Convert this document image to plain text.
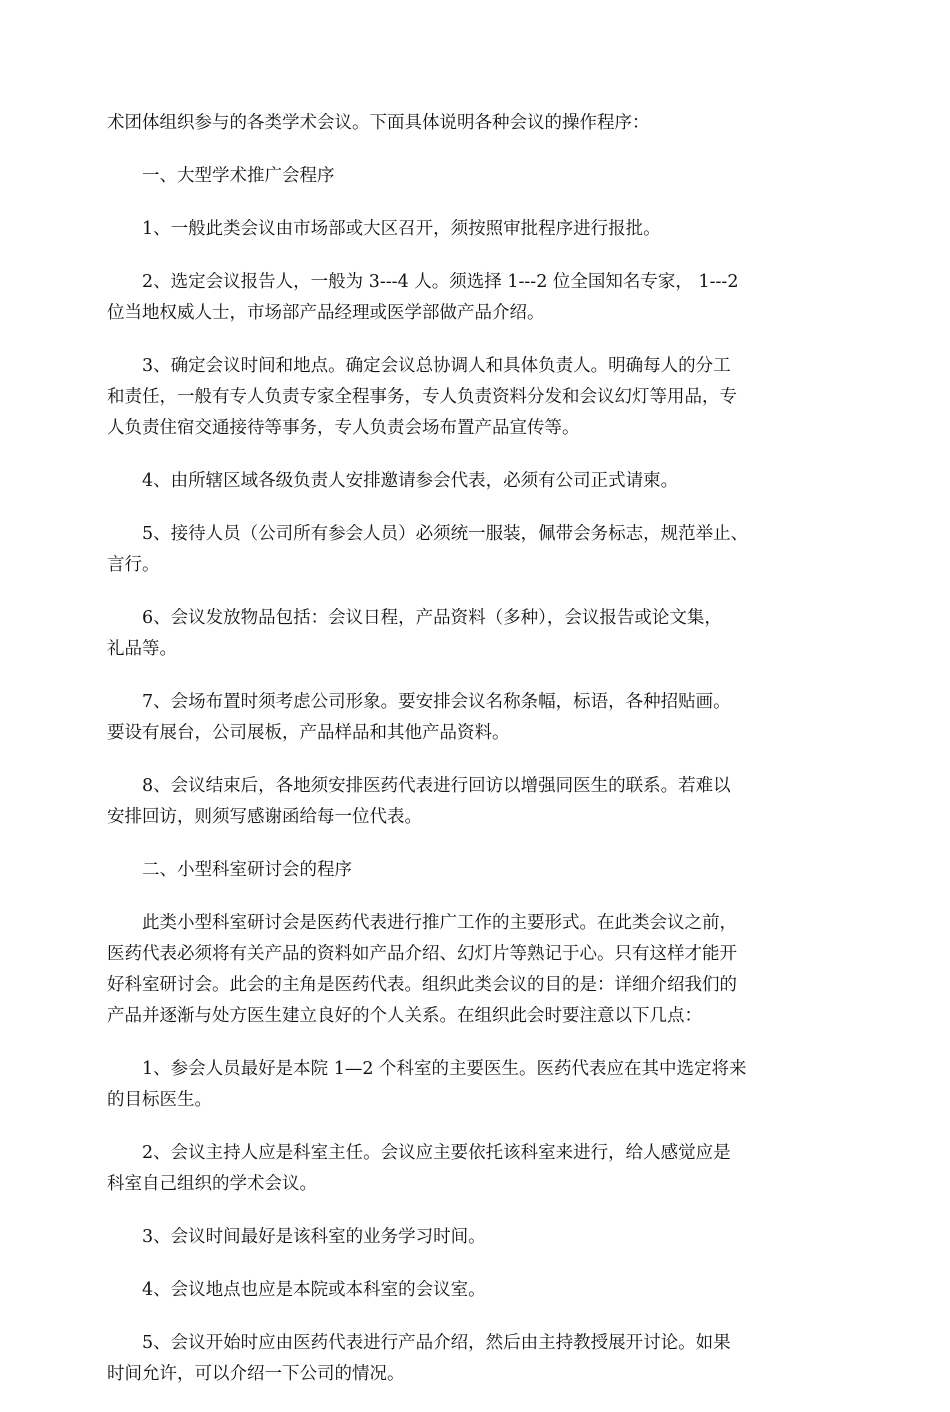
术团体组织参与的各类学术会议。下面具体说明各种会议的操作程序：
一、大型学术推广会程序
1、一般此类会议由市场部或大区召开，须按照审批程序进行报批。
2、选定会议报告人，一般为 3---4 人。须选择 1---2 位全国知名专家， 1---2
位当地权威人士，市场部产品经理或医学部做产品介绍。
3、确定会议时间和地点。确定会议总协调人和具体负责人。明确每人的分工
和责任，一般有专人负责专家全程事务，专人负责资料分发和会议幻灯等用品，专
人负责住宿交通接待等事务，专人负责会场布置产品宣传等。
4、由所辖区域各级负责人安排邀请参会代表，必须有公司正式请柬。
5、接待人员（公司所有参会人员）必须统一服装，佩带会务标志，规范举止、
言行。
6、会议发放物品包括：会议日程，产品资料（多种），会议报告或论文集，
礼品等。
7、会场布置时须考虑公司形象。要安排会议名称条幅，标语，各种招贴画。
要设有展台，公司展板，产品样品和其他产品资料。
8、会议结束后，各地须安排医药代表进行回访以增强同医生的联系。若难以
安排回访，则须写感谢函给每一位代表。
二、小型科室研讨会的程序
此类小型科室研讨会是医药代表进行推广工作的主要形式。在此类会议之前，
医药代表必须将有关产品的资料如产品介绍、幻灯片等熟记于心。只有这样才能开
好科室研讨会。此会的主角是医药代表。组织此类会议的目的是：详细介绍我们的
产品并逐渐与处方医生建立良好的个人关系。在组织此会时要注意以下几点：
1、参会人员最好是本院 1—2 个科室的主要医生。医药代表应在其中选定将来
的目标医生。
2、会议主持人应是科室主任。会议应主要依托该科室来进行，给人感觉应是
科室自己组织的学术会议。
3、会议时间最好是该科室的业务学习时间。
4、会议地点也应是本院或本科室的会议室。
5、会议开始时应由医药代表进行产品介绍，然后由主持教授展开讨论。如果
时间允许，可以介绍一下公司的情况。
